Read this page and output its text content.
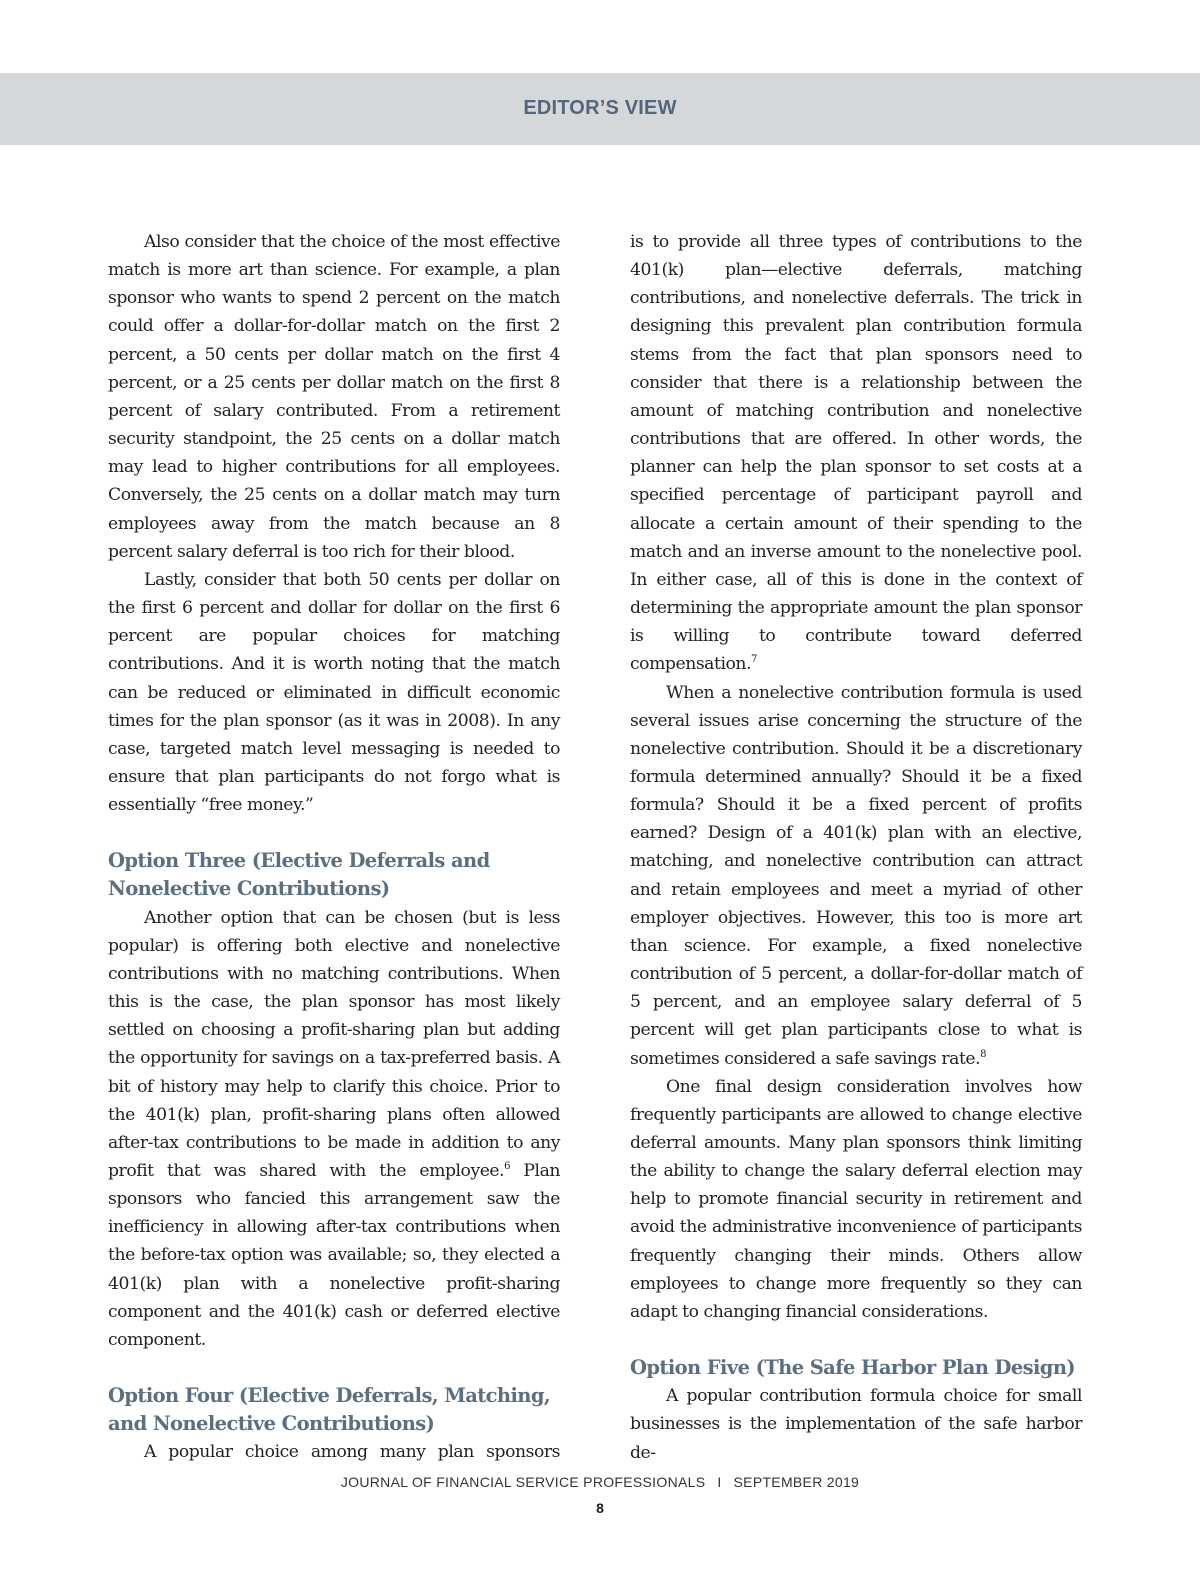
EDITOR’S VIEW

Also consider that the choice of the most effective match is more art than science. For example, a plan sponsor who wants to spend 2 percent on the match could offer a dollar-for-dollar match on the first 2 percent, a 50 cents per dollar match on the first 4 percent, or a 25 cents per dollar match on the first 8 percent of salary contributed. From a retirement security standpoint, the 25 cents on a dollar match may lead to higher contributions for all employees. Conversely, the 25 cents on a dollar match may turn employees away from the match because an 8 percent salary deferral is too rich for their blood.

Lastly, consider that both 50 cents per dollar on the first 6 percent and dollar for dollar on the first 6 percent are popular choices for matching contributions. And it is worth noting that the match can be reduced or eliminated in difficult economic times for the plan sponsor (as it was in 2008). In any case, targeted match level messaging is needed to ensure that plan participants do not forgo what is essentially “free money.”

Option Three (Elective Deferrals and Nonelective Contributions)

Another option that can be chosen (but is less popular) is offering both elective and nonelective contributions with no matching contributions. When this is the case, the plan sponsor has most likely settled on choosing a profit-sharing plan but adding the opportunity for savings on a tax-preferred basis. A bit of history may help to clarify this choice. Prior to the 401(k) plan, profit-sharing plans often allowed after-tax contributions to be made in addition to any profit that was shared with the employee.$^6$ Plan sponsors who fancied this arrangement saw the inefficiency in allowing after-tax contributions when the before-tax option was available; so, they elected a 401(k) plan with a nonelective profit-sharing component and the 401(k) cash or deferred elective component.

Option Four (Elective Deferrals, Matching, and Nonelective Contributions)

A popular choice among many plan sponsors

is to provide all three types of contributions to the 401(k) plan—elective deferrals, matching contributions, and nonelective deferrals. The trick in designing this prevalent plan contribution formula stems from the fact that plan sponsors need to consider that there is a relationship between the amount of matching contribution and nonelective contributions that are offered. In other words, the planner can help the plan sponsor to set costs at a specified percentage of participant payroll and allocate a certain amount of their spending to the match and an inverse amount to the nonelective pool. In either case, all of this is done in the context of determining the appropriate amount the plan sponsor is willing to contribute toward deferred compensation.$^7$

When a nonelective contribution formula is used several issues arise concerning the structure of the nonelective contribution. Should it be a discretionary formula determined annually? Should it be a fixed formula? Should it be a fixed percent of profits earned? Design of a 401(k) plan with an elective, matching, and nonelective contribution can attract and retain employees and meet a myriad of other employer objectives. However, this too is more art than science. For example, a fixed nonelective contribution of 5 percent, a dollar-for-dollar match of 5 percent, and an employee salary deferral of 5 percent will get plan participants close to what is sometimes considered a safe savings rate.$^8$

One final design consideration involves how frequently participants are allowed to change elective deferral amounts. Many plan sponsors think limiting the ability to change the salary deferral election may help to promote financial security in retirement and avoid the administrative inconvenience of participants frequently changing their minds. Others allow employees to change more frequently so they can adapt to changing financial considerations.

Option Five (The Safe Harbor Plan Design)

A popular contribution formula choice for small businesses is the implementation of the safe harbor de-

JOURNAL OF FINANCIAL SERVICE PROFESSIONALS I SEPTEMBER 2019
8
